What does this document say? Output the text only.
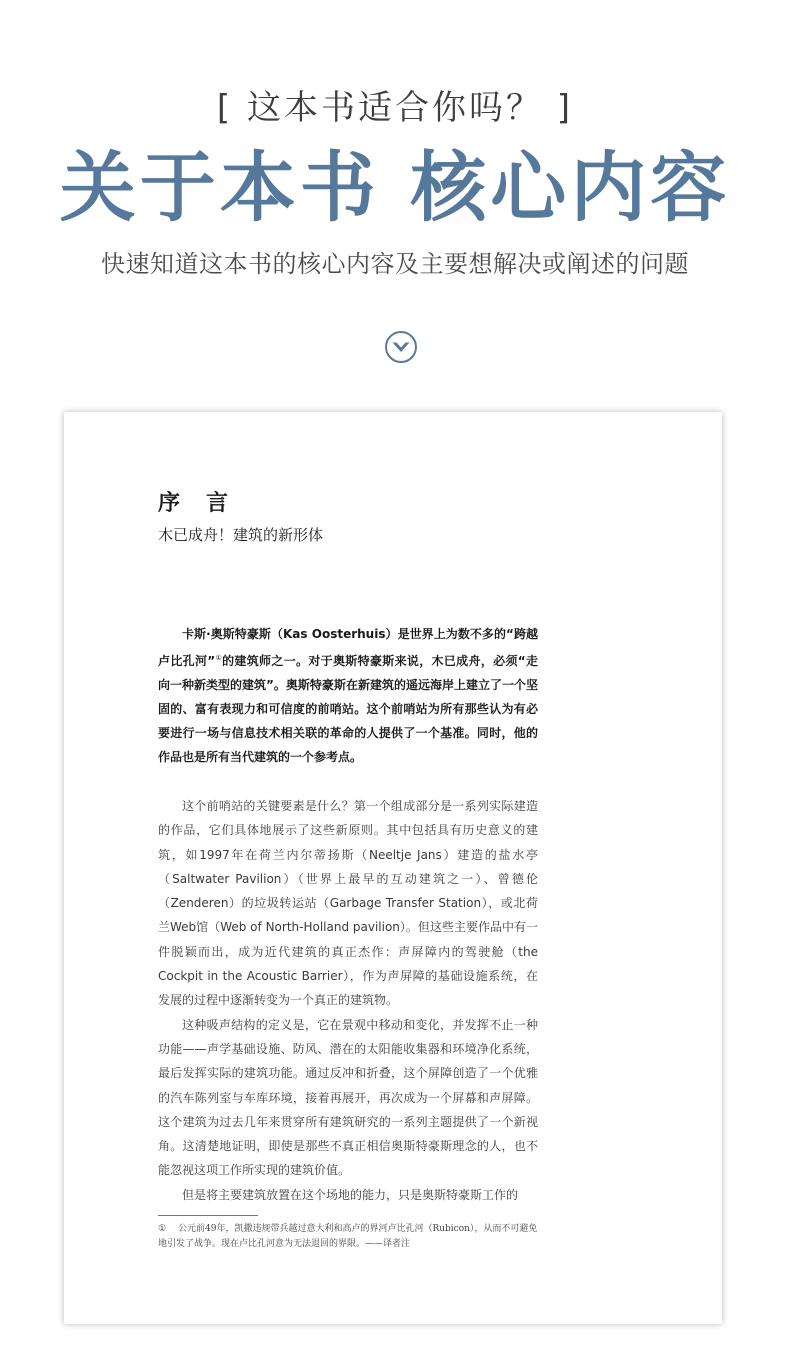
[ 这本书适合你吗？ ]
关于本书 核心内容
快速知道这本书的核心内容及主要想解决或阐述的问题
序　言
木已成舟！建筑的新形体
卡斯·奥斯特豪斯（Kas Oosterhuis）是世界上为数不多的“跨越卢比孔河”①的建筑师之一。对于奥斯特豪斯来说，木已成舟，必须“走向一种新类型的建筑”。奥斯特豪斯在新建筑的遥远海岸上建立了一个坚固的、富有表现力和可信度的前哨站。这个前哨站为所有那些认为有必要进行一场与信息技术相关联的革命的人提供了一个基准。同时，他的作品也是所有当代建筑的一个参考点。

这个前哨站的关键要素是什么？第一个组成部分是一系列实际建造的作品，它们具体地展示了这些新原则。其中包括具有历史意义的建筑，如1997年在荷兰内尔蒂扬斯（Neeltje Jans）建造的盐水亭（Saltwater Pavilion）（世界上最早的互动建筑之一）、曾德伦（Zenderen）的垃圾转运站（Garbage Transfer Station），或北荷兰Web馆（Web of North-Holland pavilion）。但这些主要作品中有一件脱颖而出，成为近代建筑的真正杰作：声屏障内的驾驶舱（the Cockpit in the Acoustic Barrier），作为声屏障的基础设施系统，在发展的过程中逐渐转变为一个真正的建筑物。

这种吸声结构的定义是，它在景观中移动和变化，并发挥不止一种功能——声学基础设施、防风、潜在的太阳能收集器和环境净化系统，最后发挥实际的建筑功能。通过反冲和折叠，这个屏障创造了一个优雅的汽车陈列室与车库环境，接着再展开，再次成为一个屏幕和声屏障。这个建筑为过去几年来贯穿所有建筑研究的一系列主题提供了一个新视角。这清楚地证明，即使是那些不真正相信奥斯特豪斯理念的人，也不能忽视这项工作所实现的建筑价值。

但是将主要建筑放置在这个场地的能力，只是奥斯特豪斯工作的

① 公元前49年，凯撒违规带兵越过意大利和高卢的界河卢比孔河（Rubicon），从而不可避免地引发了战争。现在卢比孔河意为无法退回的界限。——译者注
